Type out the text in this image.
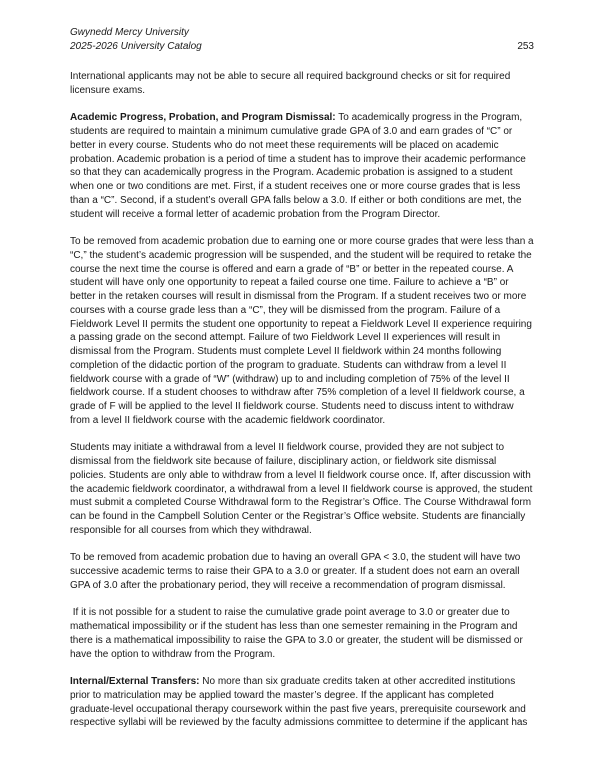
Gwynedd Mercy University
2025-2026 University Catalog	253

International applicants may not be able to secure all required background checks or sit for required licensure exams.

Academic Progress, Probation, and Program Dismissal: To academically progress in the Program, students are required to maintain a minimum cumulative grade GPA of 3.0 and earn grades of “C” or better in every course. Students who do not meet these requirements will be placed on academic probation. Academic probation is a period of time a student has to improve their academic performance so that they can academically progress in the Program. Academic probation is assigned to a student when one or two conditions are met. First, if a student receives one or more course grades that is less than a “C”. Second, if a student’s overall GPA falls below a 3.0. If either or both conditions are met, the student will receive a formal letter of academic probation from the Program Director.

To be removed from academic probation due to earning one or more course grades that were less than a “C,” the student’s academic progression will be suspended, and the student will be required to retake the course the next time the course is offered and earn a grade of “B” or better in the repeated course. A student will have only one opportunity to repeat a failed course one time. Failure to achieve a “B” or better in the retaken courses will result in dismissal from the Program. If a student receives two or more courses with a course grade less than a “C”, they will be dismissed from the program. Failure of a Fieldwork Level II permits the student one opportunity to repeat a Fieldwork Level II experience requiring a passing grade on the second attempt. Failure of two Fieldwork Level II experiences will result in dismissal from the Program. Students must complete Level II fieldwork within 24 months following completion of the didactic portion of the program to graduate. Students can withdraw from a level II fieldwork course with a grade of “W” (withdraw) up to and including completion of 75% of the level II fieldwork course. If a student chooses to withdraw after 75% completion of a level II fieldwork course, a grade of F will be applied to the level II fieldwork course. Students need to discuss intent to withdraw from a level II fieldwork course with the academic fieldwork coordinator.

Students may initiate a withdrawal from a level II fieldwork course, provided they are not subject to dismissal from the fieldwork site because of failure, disciplinary action, or fieldwork site dismissal policies. Students are only able to withdraw from a level II fieldwork course once. If, after discussion with the academic fieldwork coordinator, a withdrawal from a level II fieldwork course is approved, the student must submit a completed Course Withdrawal form to the Registrar’s Office. The Course Withdrawal form can be found in the Campbell Solution Center or the Registrar’s Office website. Students are financially responsible for all courses from which they withdrawal.

To be removed from academic probation due to having an overall GPA < 3.0, the student will have two successive academic terms to raise their GPA to a 3.0 or greater. If a student does not earn an overall GPA of 3.0 after the probationary period, they will receive a recommendation of program dismissal.

If it is not possible for a student to raise the cumulative grade point average to 3.0 or greater due to mathematical impossibility or if the student has less than one semester remaining in the Program and there is a mathematical impossibility to raise the GPA to 3.0 or greater, the student will be dismissed or have the option to withdraw from the Program.

Internal/External Transfers: No more than six graduate credits taken at other accredited institutions prior to matriculation may be applied toward the master’s degree. If the applicant has completed graduate-level occupational therapy coursework within the past five years, prerequisite coursework and respective syllabi will be reviewed by the faculty admissions committee to determine if the applicant has
